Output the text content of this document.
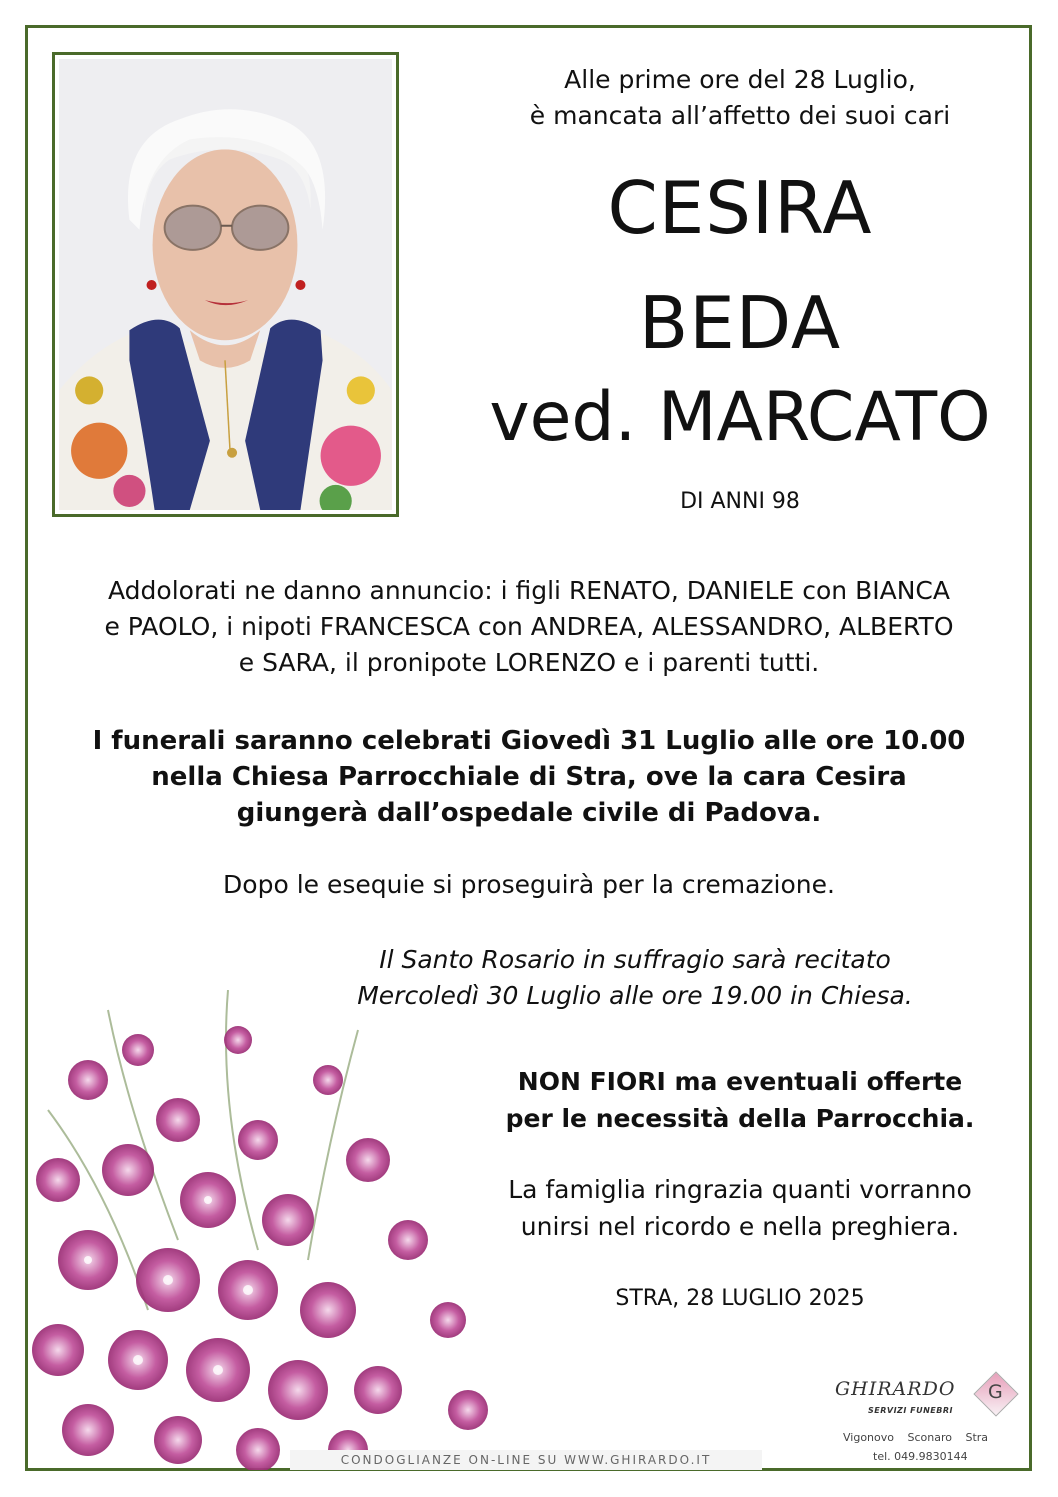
Alle prime ore del 28 Luglio,
è mancata all’affetto dei suoi cari
CESIRA
BEDA
ved. MARCATO
DI ANNI 98
Addolorati ne danno annuncio: i figli RENATO, DANIELE con BIANCA
e PAOLO, i nipoti FRANCESCA con ANDREA, ALESSANDRO, ALBERTO
e SARA, il pronipote LORENZO e i parenti tutti.
I funerali saranno celebrati Giovedì 31 Luglio alle ore 10.00
nella Chiesa Parrocchiale di Stra, ove la cara Cesira
giungerà dall’ospedale civile di Padova.
Dopo le esequie si proseguirà per la cremazione.
Il Santo Rosario in suffragio sarà recitato
Mercoledì 30 Luglio alle ore 19.00 in Chiesa.
NON FIORI ma eventuali offerte
per le necessità della Parrocchia.
La famiglia ringrazia quanti vorranno
unirsi nel ricordo e nella preghiera.
STRA, 28 LUGLIO 2025
CONDOGLIANZE ON-LINE SU WWW.GHIRARDO.IT
GHIRARDO
SERVIZI FUNEBRI
G
Vigonovo Sconaro Stra
tel. 049.9830144
